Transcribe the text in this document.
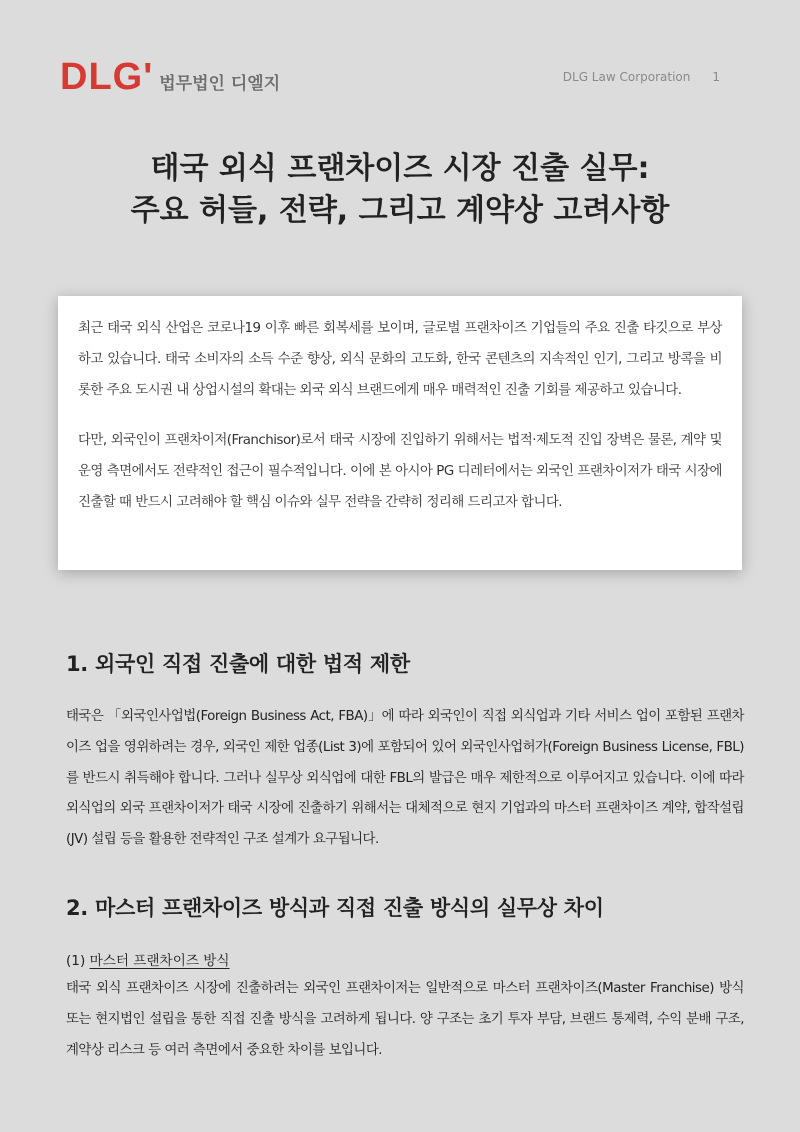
DLG' 법무법인 디엘지	DLG Law Corporation 1
태국 외식 프랜차이즈 시장 진출 실무:
주요 허들, 전략, 그리고 계약상 고려사항

최근 태국 외식 산업은 코로나19 이후 빠른 회복세를 보이며, 글로벌 프랜차이즈 기업들의 주요 진출 타깃으로 부상하고 있습니다. 태국 소비자의 소득 수준 향상, 외식 문화의 고도화, 한국 콘텐츠의 지속적인 인기, 그리고 방콕을 비롯한 주요 도시권 내 상업시설의 확대는 외국 외식 브랜드에게 매우 매력적인 진출 기회를 제공하고 있습니다.

다만, 외국인이 프랜차이저(Franchisor)로서 태국 시장에 진입하기 위해서는 법적·제도적 진입 장벽은 물론, 계약 및 운영 측면에서도 전략적인 접근이 필수적입니다. 이에 본 아시아 PG 디레터에서는 외국인 프랜차이저가 태국 시장에 진출할 때 반드시 고려해야 할 핵심 이슈와 실무 전략을 간략히 정리해 드리고자 합니다.

1. 외국인 직접 진출에 대한 법적 제한

태국은 「외국인사업법(Foreign Business Act, FBA)」에 따라 외국인이 직접 외식업과 기타 서비스 업이 포함된 프랜차이즈 업을 영위하려는 경우, 외국인 제한 업종(List 3)에 포함되어 있어 외국인사업허가(Foreign Business License, FBL)를 반드시 취득해야 합니다. 그러나 실무상 외식업에 대한 FBL의 발급은 매우 제한적으로 이루어지고 있습니다. 이에 따라 외식업의 외국 프랜차이저가 태국 시장에 진출하기 위해서는 대체적으로 현지 기업과의 마스터 프랜차이즈 계약, 합작설립(JV) 설립 등을 활용한 전략적인 구조 설계가 요구됩니다.

2. 마스터 프랜차이즈 방식과 직접 진출 방식의 실무상 차이
(1) 마스터 프랜차이즈 방식

태국 외식 프랜차이즈 시장에 진출하려는 외국인 프랜차이저는 일반적으로 마스터 프랜차이즈(Master Franchise) 방식 또는 현지법인 설립을 통한 직접 진출 방식을 고려하게 됩니다. 양 구조는 초기 투자 부담, 브랜드 통제력, 수익 분배 구조, 계약상 리스크 등 여러 측면에서 중요한 차이를 보입니다.
